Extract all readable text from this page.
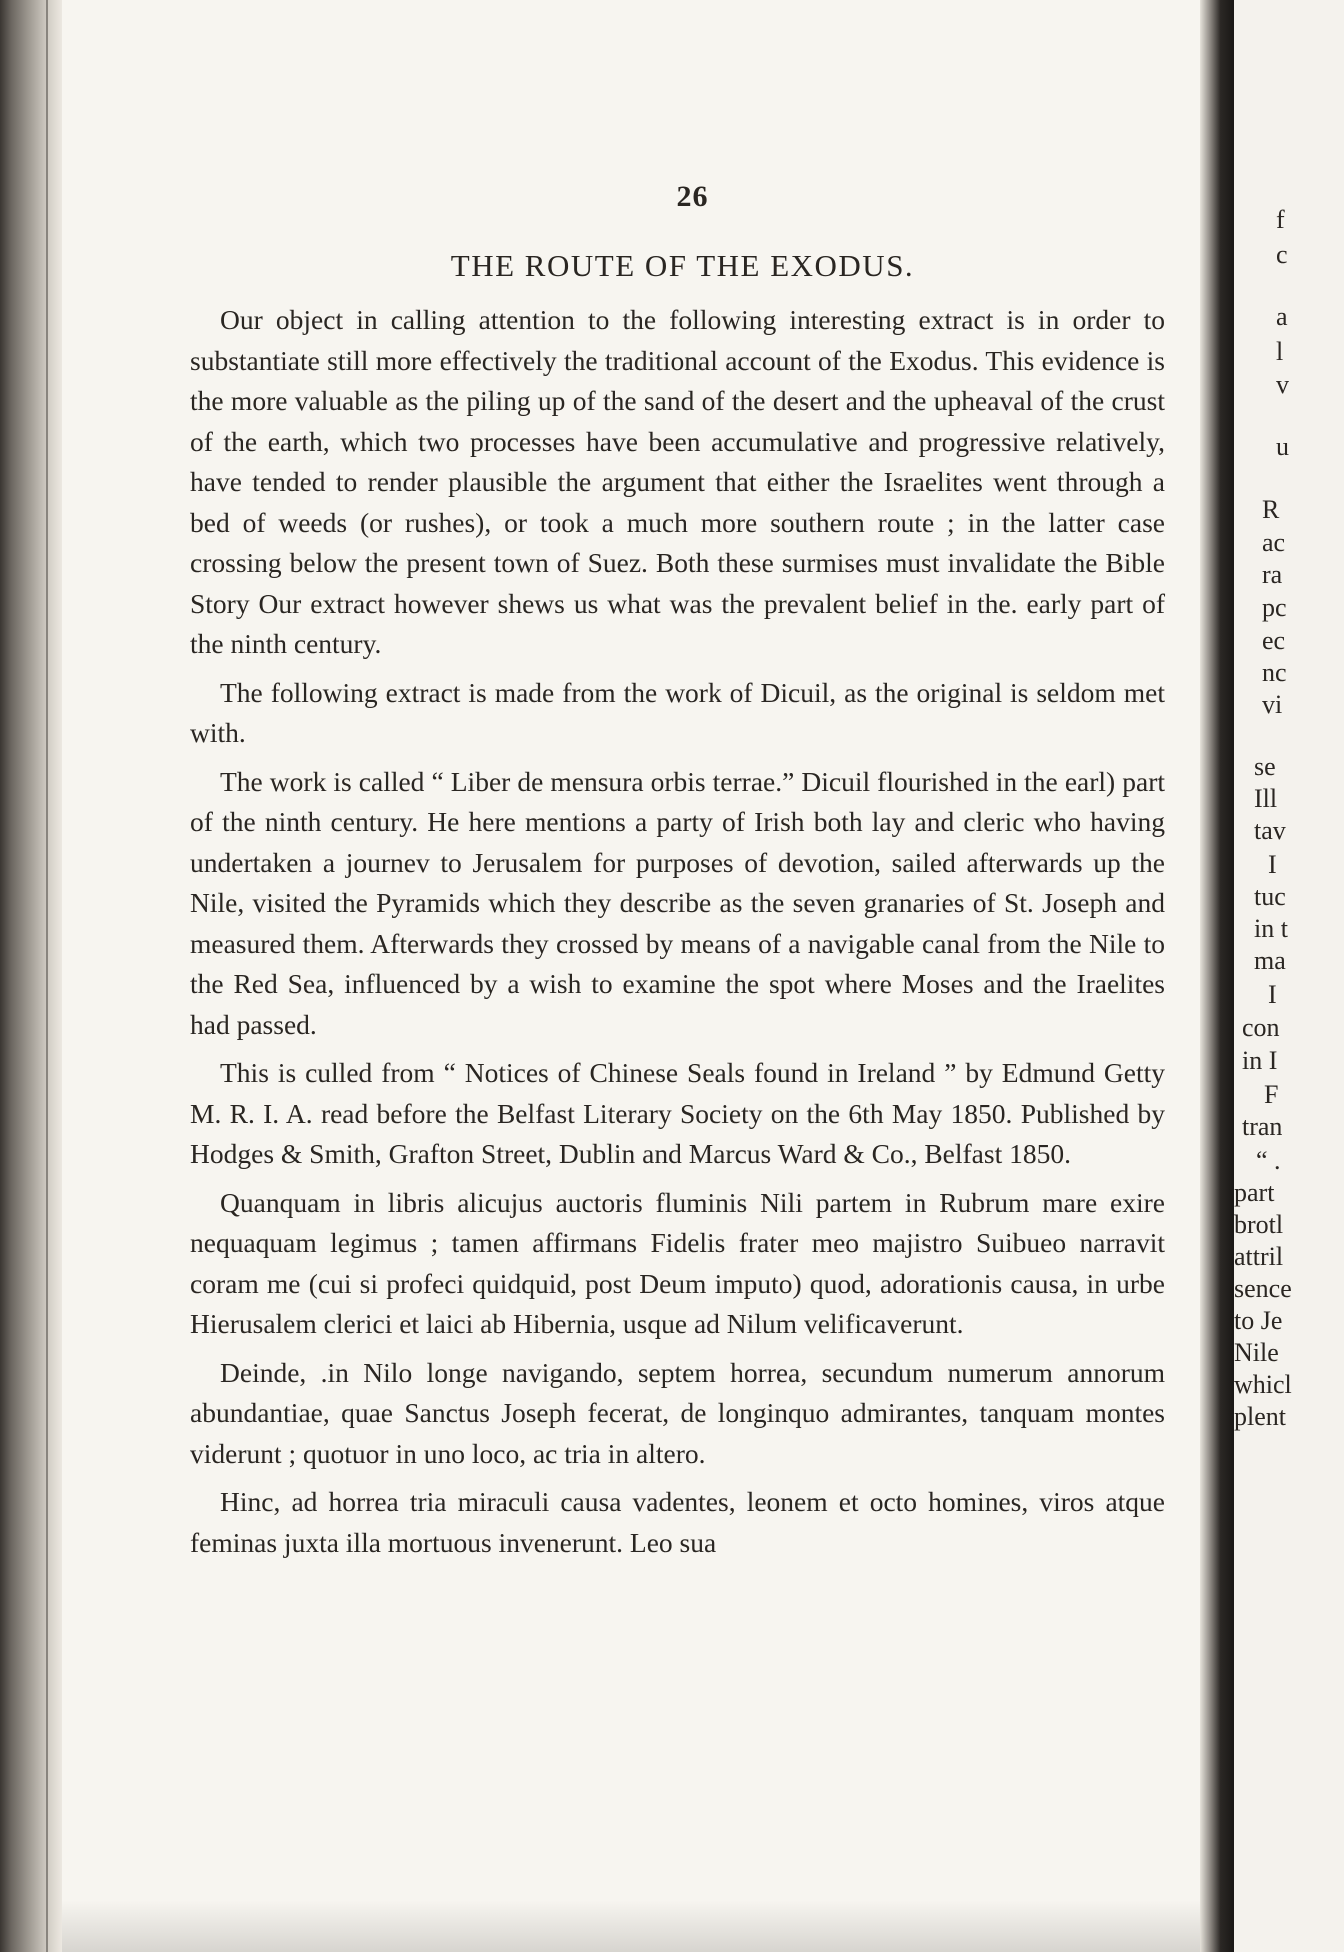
26
THE ROUTE OF THE EXODUS.

Our object in calling attention to the following interesting extract is in order to substantiate still more effectively the traditional account of the Exodus. This evidence is the more valuable as the piling up of the sand of the desert and the upheaval of the crust of the earth, which two processes have been accumulative and progressive relatively, have tended to render plausible the argument that either the Israelites went through a bed of weeds (or rushes), or took a much more southern route ; in the latter case crossing below the present town of Suez. Both these surmises must invalidate the Bible Story Our extract however shews us what was the prevalent belief in the. early part of the ninth century.

The following extract is made from the work of Dicuil, as the original is seldom met with.

The work is called “ Liber de mensura orbis terrae.” Dicuil flourished in the earl) part of the ninth century. He here mentions a party of Irish both lay and cleric who having undertaken a journev to Jerusalem for purposes of devotion, sailed afterwards up the Nile, visited the Pyramids which they describe as the seven granaries of St. Joseph and measured them. Afterwards they crossed by means of a navigable canal from the Nile to the Red Sea, influenced by a wish to examine the spot where Moses and the Iraelites had passed.

This is culled from “ Notices of Chinese Seals found in Ireland ” by Edmund Getty M. R. I. A. read before the Belfast Literary Society on the 6th May 1850. Published by Hodges & Smith, Grafton Street, Dublin and Marcus Ward & Co., Belfast 1850.

Quanquam in libris alicujus auctoris fluminis Nili partem in Rubrum mare exire nequaquam legimus ; tamen affirmans Fidelis frater meo majistro Suibueo narravit coram me (cui si profeci quidquid, post Deum imputo) quod, adorationis causa, in urbe Hierusalem clerici et laici ab Hibernia, usque ad Nilum velificaverunt.

Deinde, .in Nilo longe navigando, septem horrea, secundum numerum annorum abundantiae, quae Sanctus Joseph fecerat, de longinquo admirantes, tanquam montes viderunt ; quotuor in uno loco, ac tria in altero.

Hinc, ad horrea tria miraculi causa vadentes, leonem et octo homines, viros atque feminas juxta illa mortuous invenerunt. Leo sua

f
c
a
l
v
u
R
ac
ra
pc
ec
nc
vi
se
Ill
tav
I
tuc
in t
ma
I
con
in I
F
tran
“ .
part
brotl
attril
sence
to Je
Nile
whicl
plent
